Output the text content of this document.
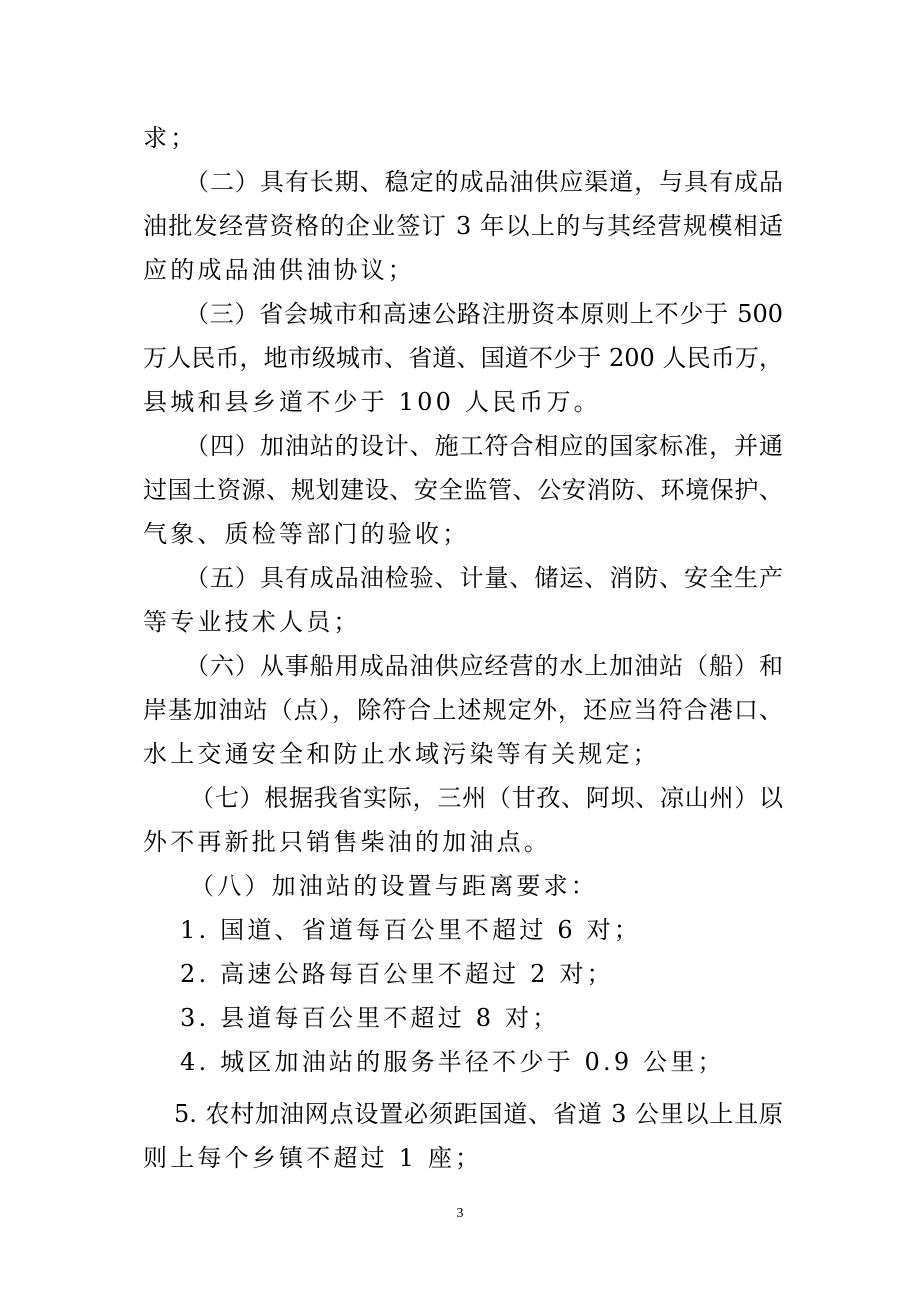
求；
（二）具有长期、稳定的成品油供应渠道，与具有成品
油批发经营资格的企业签订 3 年以上的与其经营规模相适
应的成品油供油协议；
（三）省会城市和高速公路注册资本原则上不少于 500
万人民币，地市级城市、省道、国道不少于 200 人民币万，
县城和县乡道不少于 100 人民币万。
（四）加油站的设计、施工符合相应的国家标准，并通
过国土资源、规划建设、安全监管、公安消防、环境保护、
气象、质检等部门的验收；
（五）具有成品油检验、计量、储运、消防、安全生产
等专业技术人员；
（六）从事船用成品油供应经营的水上加油站（船）和
岸基加油站（点），除符合上述规定外，还应当符合港口、
水上交通安全和防止水域污染等有关规定；
（七）根据我省实际，三州（甘孜、阿坝、凉山州）以
外不再新批只销售柴油的加油点。
（八）加油站的设置与距离要求：
1. 国道、省道每百公里不超过 6 对；
2. 高速公路每百公里不超过 2 对；
3. 县道每百公里不超过 8 对；
4. 城区加油站的服务半径不少于 0.9 公里；
5. 农村加油网点设置必须距国道、省道 3 公里以上且原
则上每个乡镇不超过 1 座；
3
